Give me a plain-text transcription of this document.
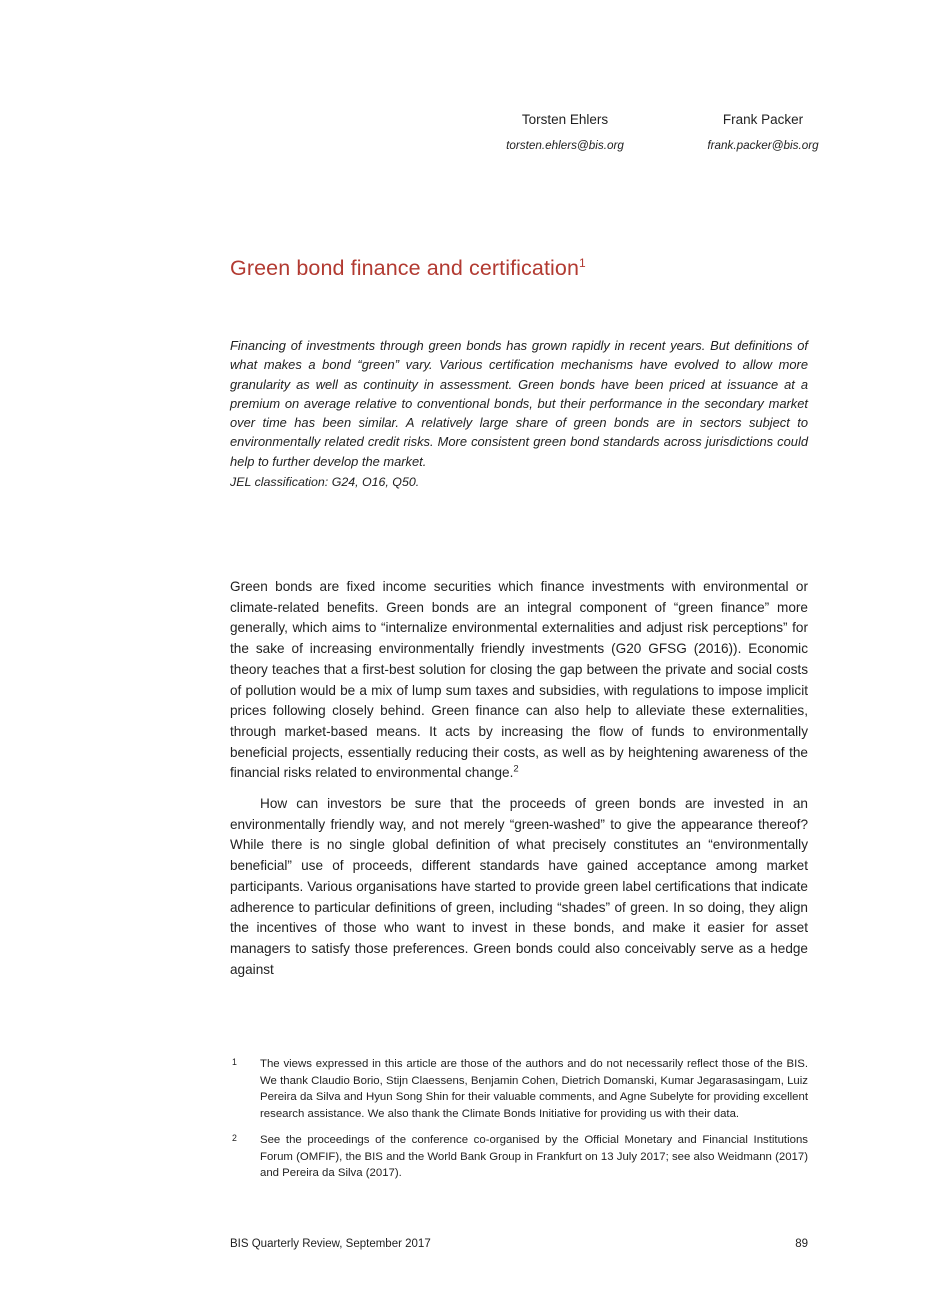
Torsten Ehlers
torsten.ehlers@bis.org
Frank Packer
frank.packer@bis.org
Green bond finance and certification$^1$

Financing of investments through green bonds has grown rapidly in recent years. But definitions of what makes a bond “green” vary. Various certification mechanisms have evolved to allow more granularity as well as continuity in assessment. Green bonds have been priced at issuance at a premium on average relative to conventional bonds, but their performance in the secondary market over time has been similar. A relatively large share of green bonds are in sectors subject to environmentally related credit risks. More consistent green bond standards across jurisdictions could help to further develop the market.

JEL classification: G24, O16, Q50.

Green bonds are fixed income securities which finance investments with environmental or climate-related benefits. Green bonds are an integral component of “green finance” more generally, which aims to “internalize environmental externalities and adjust risk perceptions” for the sake of increasing environmentally friendly investments (G20 GFSG (2016)). Economic theory teaches that a first-best solution for closing the gap between the private and social costs of pollution would be a mix of lump sum taxes and subsidies, with regulations to impose implicit prices following closely behind. Green finance can also help to alleviate these externalities, through market-based means. It acts by increasing the flow of funds to environmentally beneficial projects, essentially reducing their costs, as well as by heightening awareness of the financial risks related to environmental change.$^2$

How can investors be sure that the proceeds of green bonds are invested in an environmentally friendly way, and not merely “green-washed” to give the appearance thereof? While there is no single global definition of what precisely constitutes an “environmentally beneficial” use of proceeds, different standards have gained acceptance among market participants. Various organisations have started to provide green label certifications that indicate adherence to particular definitions of green, including “shades” of green. In so doing, they align the incentives of those who want to invest in these bonds, and make it easier for asset managers to satisfy those preferences. Green bonds could also conceivably serve as a hedge against

1 The views expressed in this article are those of the authors and do not necessarily reflect those of the BIS. We thank Claudio Borio, Stijn Claessens, Benjamin Cohen, Dietrich Domanski, Kumar Jegarasasingam, Luiz Pereira da Silva and Hyun Song Shin for their valuable comments, and Agne Subelyte for providing excellent research assistance. We also thank the Climate Bonds Initiative for providing us with their data.
2 See the proceedings of the conference co-organised by the Official Monetary and Financial Institutions Forum (OMFIF), the BIS and the World Bank Group in Frankfurt on 13 July 2017; see also Weidmann (2017) and Pereira da Silva (2017).
BIS Quarterly Review, September 2017	89
